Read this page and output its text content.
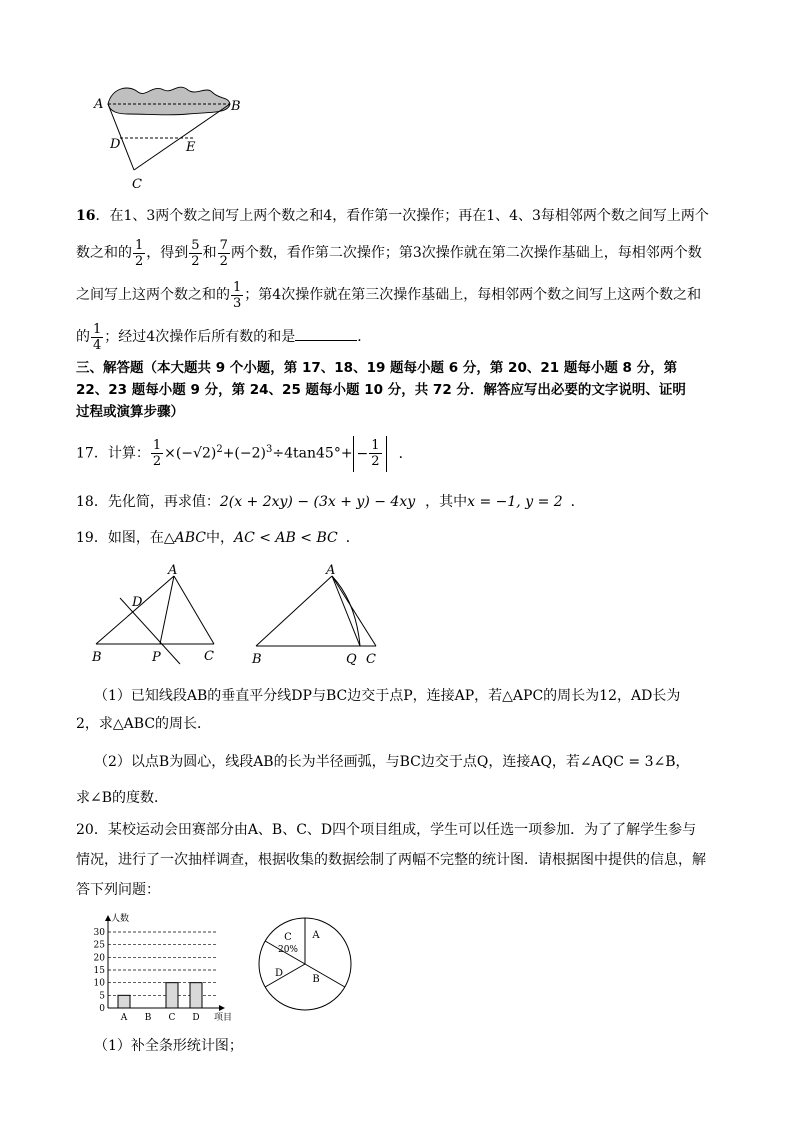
A	B
D	E
C
16．在1、3两个数之间写上两个数之和4，看作第一次操作；再在1、4、3每相邻两个数之间写上两个
数之和的 $\frac{1}{2}$ ，得到 $\frac{5}{2}$ 和 $\frac{7}{2}$ 两个数，看作第二次操作；第3次操作就在第二次操作基础上，每相邻两个数
之间写上这两个数之和的 $\frac{1}{3}$ ；第4次操作就在第三次操作基础上，每相邻两个数之间写上这两个数之和
的 $\frac{1}{4}$ ；经过4次操作后所有数的和是	．
三、解答题（本大题共 9 个小题，第 17、18、19 题每小题 6 分，第 20、21 题每小题 8 分，第
22、23 题每小题 9 分，第 24、25 题每小题 10 分，共 72 分．解答应写出必要的文字说明、证明
过程或演算步骤）
17．计算： $\frac{1}{2} \times(-√2)^2+(-2)^3\div 4\tan 45^\circ+ - \frac{1}{2}$ ．
18．先化简，再求值：2(x + 2xy) − (3x + y) − 4xy ，其中x = −1, y = 2 ．
19．如图，在△ABC中，AC < AB < BC ．
A
D
B	P	C
A
B	Q C
（1）已知线段AB的垂直平分线DP与BC边交于点P，连接AP，若△APC的周长为12，AD长为
2，求△ABC的周长．
（2）以点B为圆心，线段AB的长为半径画弧，与BC边交于点Q，连接AQ，若∠AQC = 3∠B，
求∠B的度数．
20．某校运动会田赛部分由A、B、C、D四个项目组成，学生可以任选一项参加．为了了解学生参与
情况，进行了一次抽样调查，根据收集的数据绘制了两幅不完整的统计图．请根据图中提供的信息，解
答下列问题：
0
5
10
15
20
25
30
人数
项目
A B C D
A
B
C
D
20%
（1）补全条形统计图；
